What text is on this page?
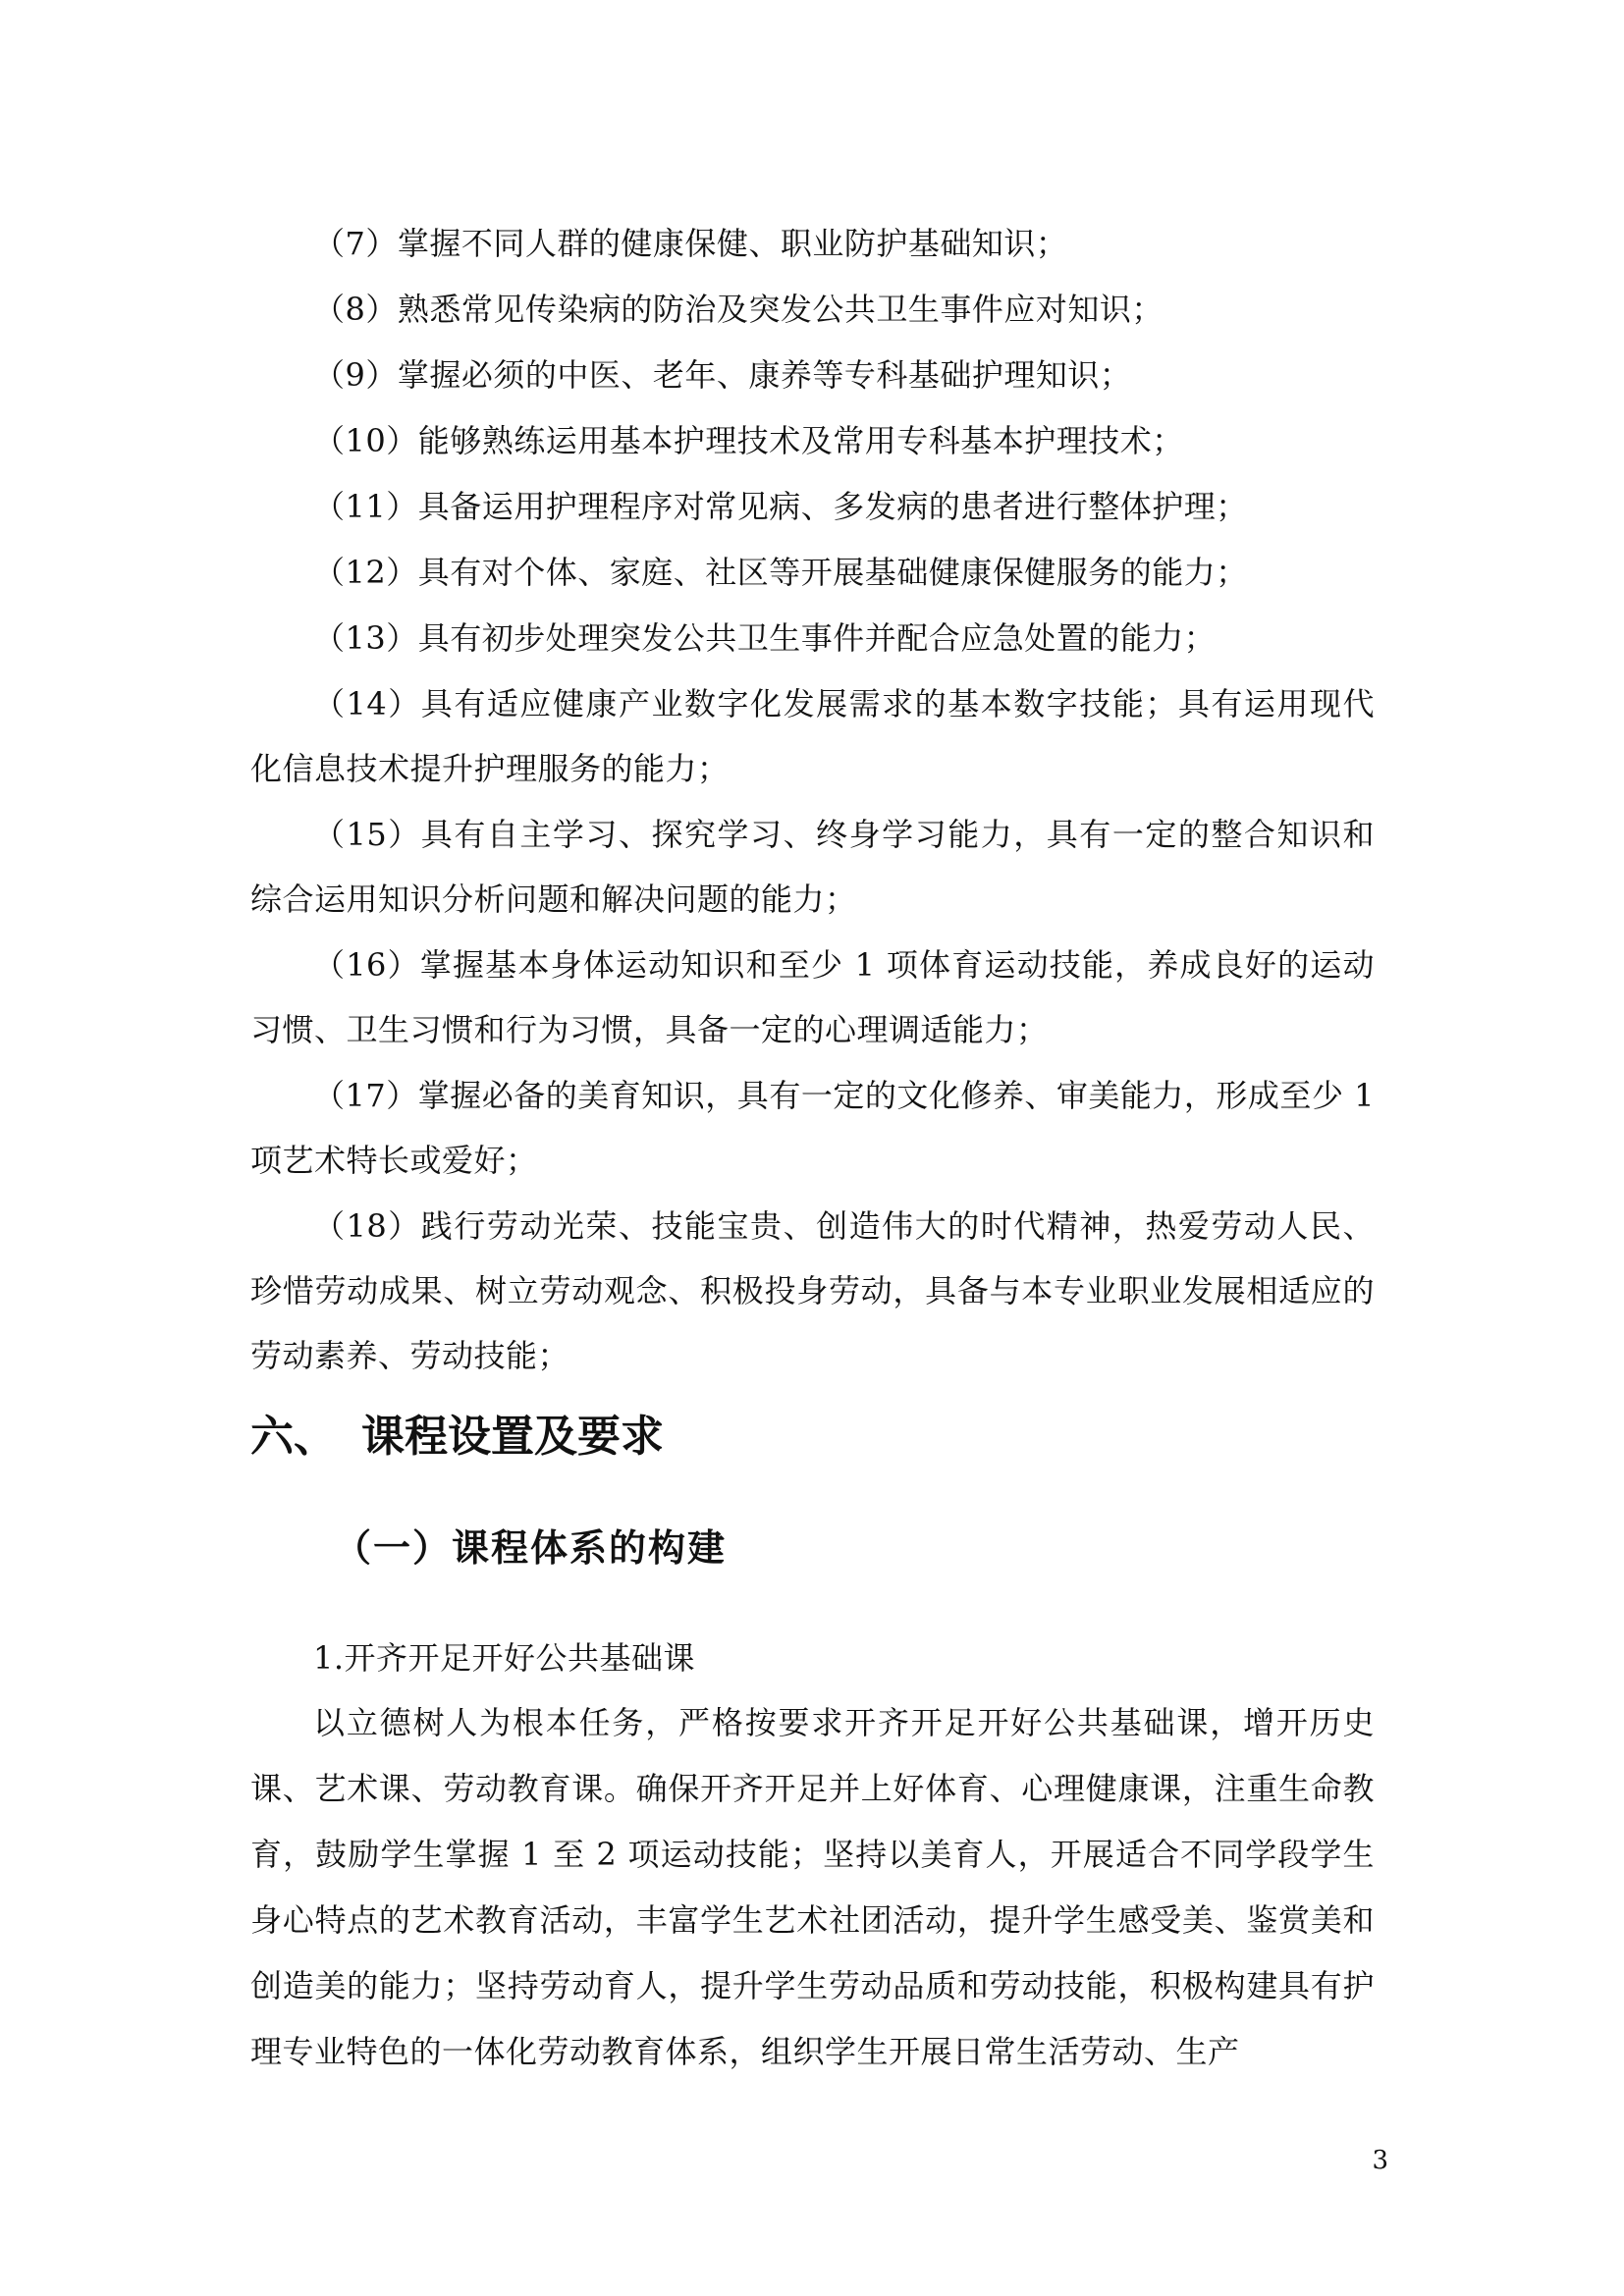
（7）掌握不同人群的健康保健、职业防护基础知识；

（8）熟悉常见传染病的防治及突发公共卫生事件应对知识；

（9）掌握必须的中医、老年、康养等专科基础护理知识；

（10）能够熟练运用基本护理技术及常用专科基本护理技术；

（11）具备运用护理程序对常见病、多发病的患者进行整体护理；

（12）具有对个体、家庭、社区等开展基础健康保健服务的能力；

（13）具有初步处理突发公共卫生事件并配合应急处置的能力；

（14）具有适应健康产业数字化发展需求的基本数字技能；具有运用现代化信息技术提升护理服务的能力；

（15）具有自主学习、探究学习、终身学习能力，具有一定的整合知识和综合运用知识分析问题和解决问题的能力；

（16）掌握基本身体运动知识和至少 1 项体育运动技能，养成良好的运动习惯、卫生习惯和行为习惯，具备一定的心理调适能力；

（17）掌握必备的美育知识，具有一定的文化修养、审美能力，形成至少 1 项艺术特长或爱好；

（18）践行劳动光荣、技能宝贵、创造伟大的时代精神，热爱劳动人民、珍惜劳动成果、树立劳动观念、积极投身劳动，具备与本专业职业发展相适应的劳动素养、劳动技能；

六、 课程设置及要求
（一）课程体系的构建

1.开齐开足开好公共基础课

以立德树人为根本任务，严格按要求开齐开足开好公共基础课，增开历史课、艺术课、劳动教育课。确保开齐开足并上好体育、心理健康课，注重生命教育，鼓励学生掌握 1 至 2 项运动技能；坚持以美育人，开展适合不同学段学生身心特点的艺术教育活动，丰富学生艺术社团活动，提升学生感受美、鉴赏美和创造美的能力；坚持劳动育人，提升学生劳动品质和劳动技能，积极构建具有护理专业特色的一体化劳动教育体系，组织学生开展日常生活劳动、生产

3
